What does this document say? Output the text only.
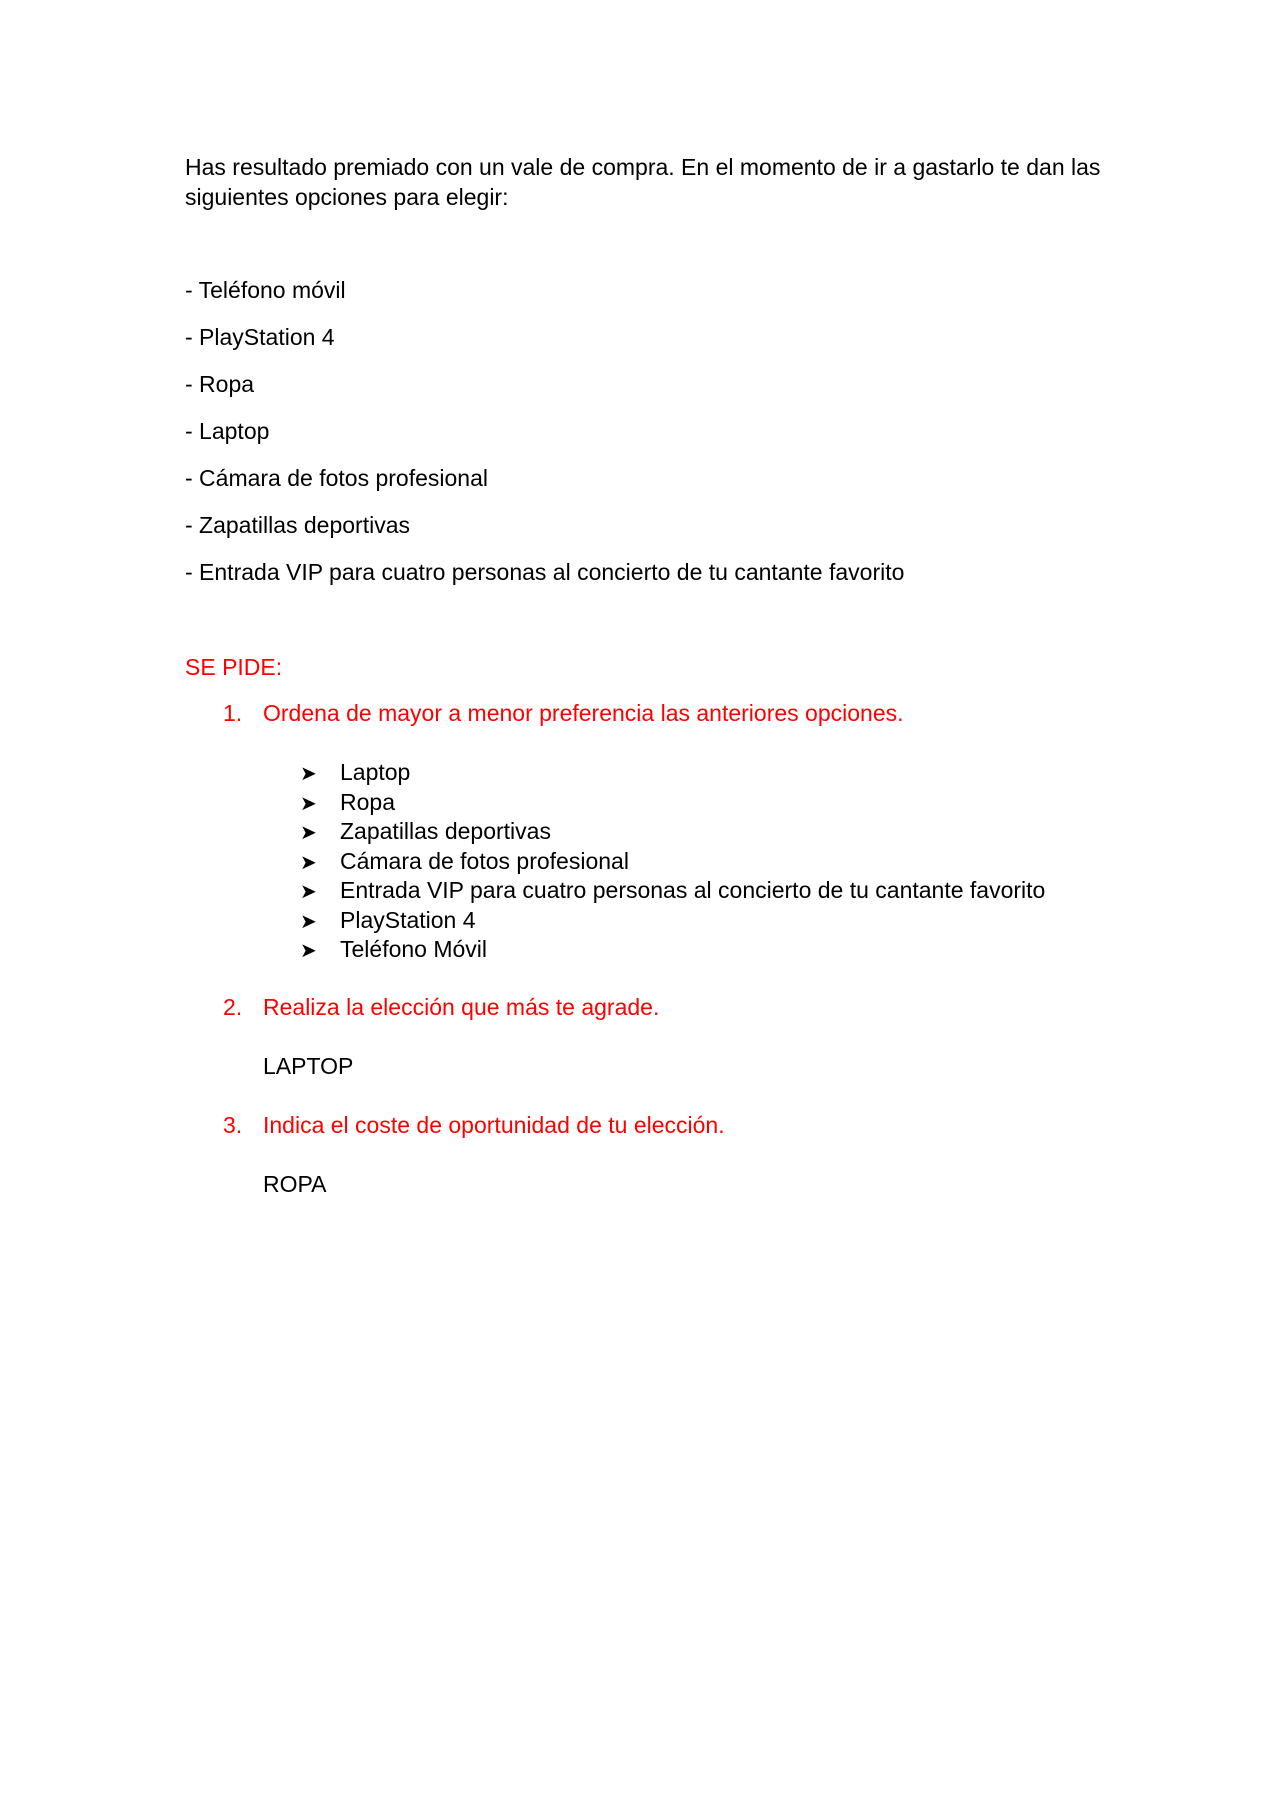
Has resultado premiado con un vale de compra. En el momento de ir a gastarlo te dan las siguientes opciones para elegir:
- Teléfono móvil
- PlayStation 4
- Ropa
- Laptop
- Cámara de fotos profesional
- Zapatillas deportivas
- Entrada VIP para cuatro personas al concierto de tu cantante favorito
SE PIDE:
1. Ordena de mayor a menor preferencia las anteriores opciones.
➤ Laptop
➤ Ropa
➤ Zapatillas deportivas
➤ Cámara de fotos profesional
➤ Entrada VIP para cuatro personas al concierto de tu cantante favorito
➤ PlayStation 4
➤ Teléfono Móvil
2. Realiza la elección que más te agrade.
LAPTOP
3. Indica el coste de oportunidad de tu elección.
ROPA
